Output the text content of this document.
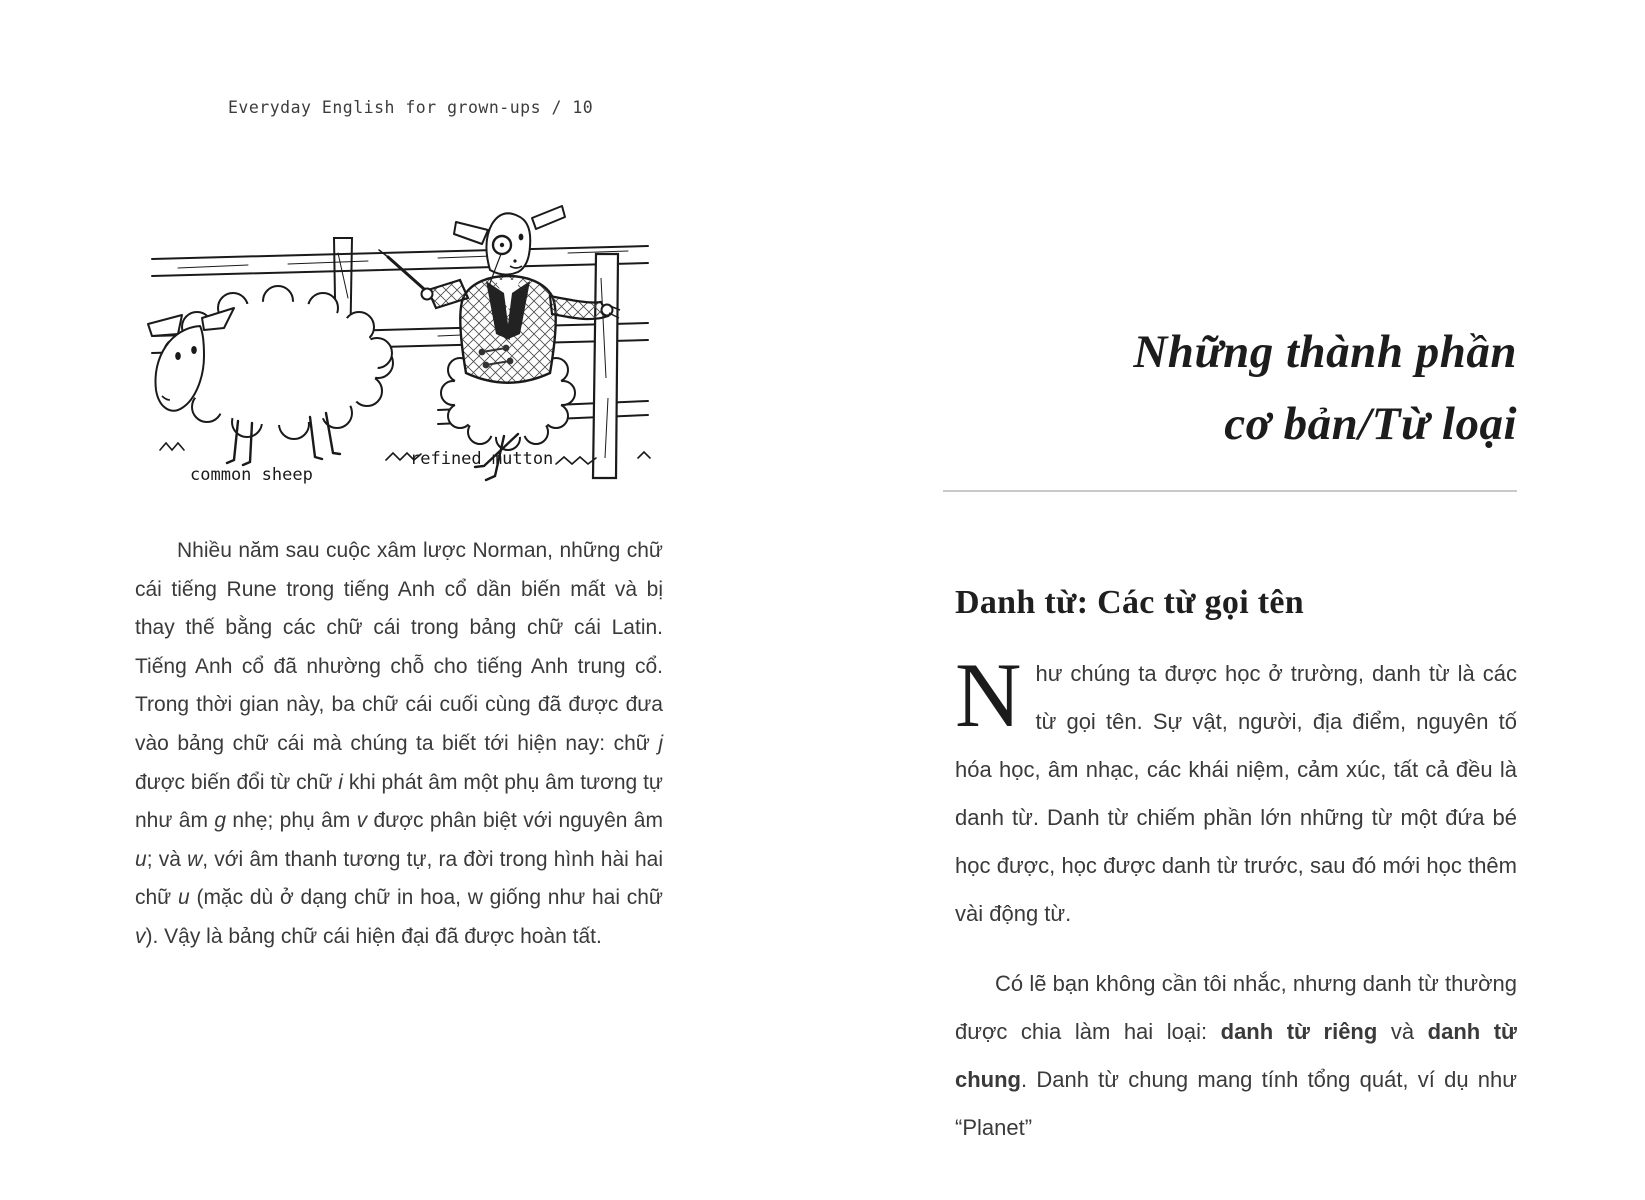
Everyday English for grown-ups / 10
common sheep
refined mutton

Nhiều năm sau cuộc xâm lược Norman, những chữ cái tiếng Rune trong tiếng Anh cổ dần biến mất và bị thay thế bằng các chữ cái trong bảng chữ cái Latin. Tiếng Anh cổ đã nhường chỗ cho tiếng Anh trung cổ. Trong thời gian này, ba chữ cái cuối cùng đã được đưa vào bảng chữ cái mà chúng ta biết tới hiện nay: chữ j được biến đổi từ chữ i khi phát âm một phụ âm tương tự như âm g nhẹ; phụ âm v được phân biệt với nguyên âm u; và w, với âm thanh tương tự, ra đời trong hình hài hai chữ u (mặc dù ở dạng chữ in hoa, w giống như hai chữ v). Vậy là bảng chữ cái hiện đại đã được hoàn tất.

Những thành phần
cơ bản/Từ loại
Danh từ: Các từ gọi tên

Như chúng ta được học ở trường, danh từ là các từ gọi tên. Sự vật, người, địa điểm, nguyên tố hóa học, âm nhạc, các khái niệm, cảm xúc, tất cả đều là danh từ. Danh từ chiếm phần lớn những từ một đứa bé học được, học được danh từ trước, sau đó mới học thêm vài động từ.

Có lẽ bạn không cần tôi nhắc, nhưng danh từ thường được chia làm hai loại: danh từ riêng và danh từ chung. Danh từ chung mang tính tổng quát, ví dụ như “Planet”
